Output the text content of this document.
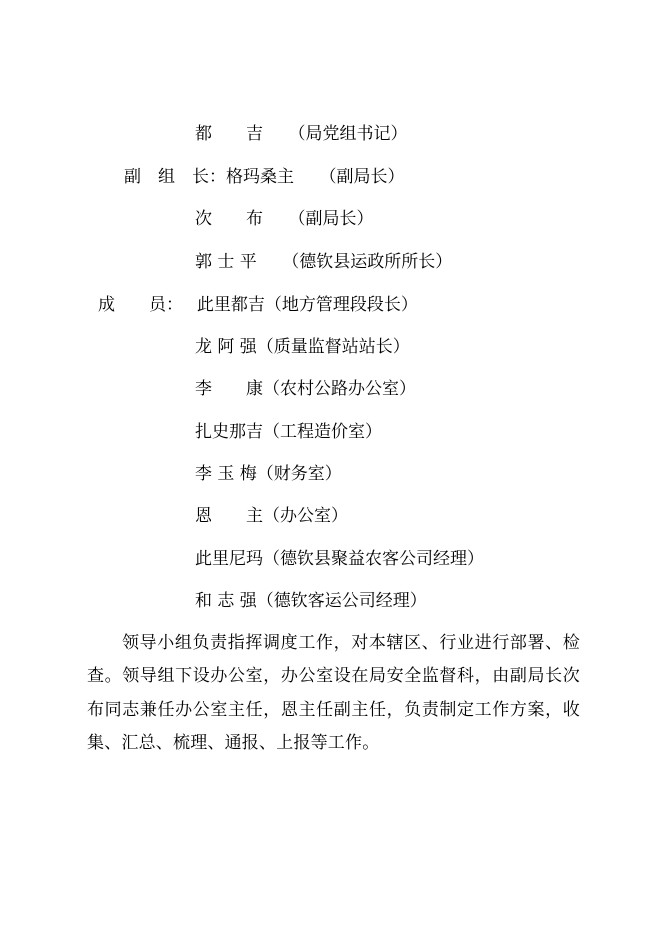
都　　吉　　（局党组书记）
副　组　长：格玛桑主　　（副局长）
次　　布　　（副局长）
郭 士 平　　（德钦县运政所所长）
成　　员：　 此里都吉（地方管理段段长）
龙 阿 强（质量监督站站长）
李　　康（农村公路办公室）
扎史那吉（工程造价室）
李 玉 梅（财务室）
恩　　主（办公室）
此里尼玛（德钦县聚益农客公司经理）
和 志 强（德钦客运公司经理）
领导小组负责指挥调度工作，对本辖区、行业进行部署、检查。领导组下设办公室，办公室设在局安全监督科，由副局长次布同志兼任办公室主任，恩主任副主任，负责制定工作方案，收集、汇总、梳理、通报、上报等工作。
